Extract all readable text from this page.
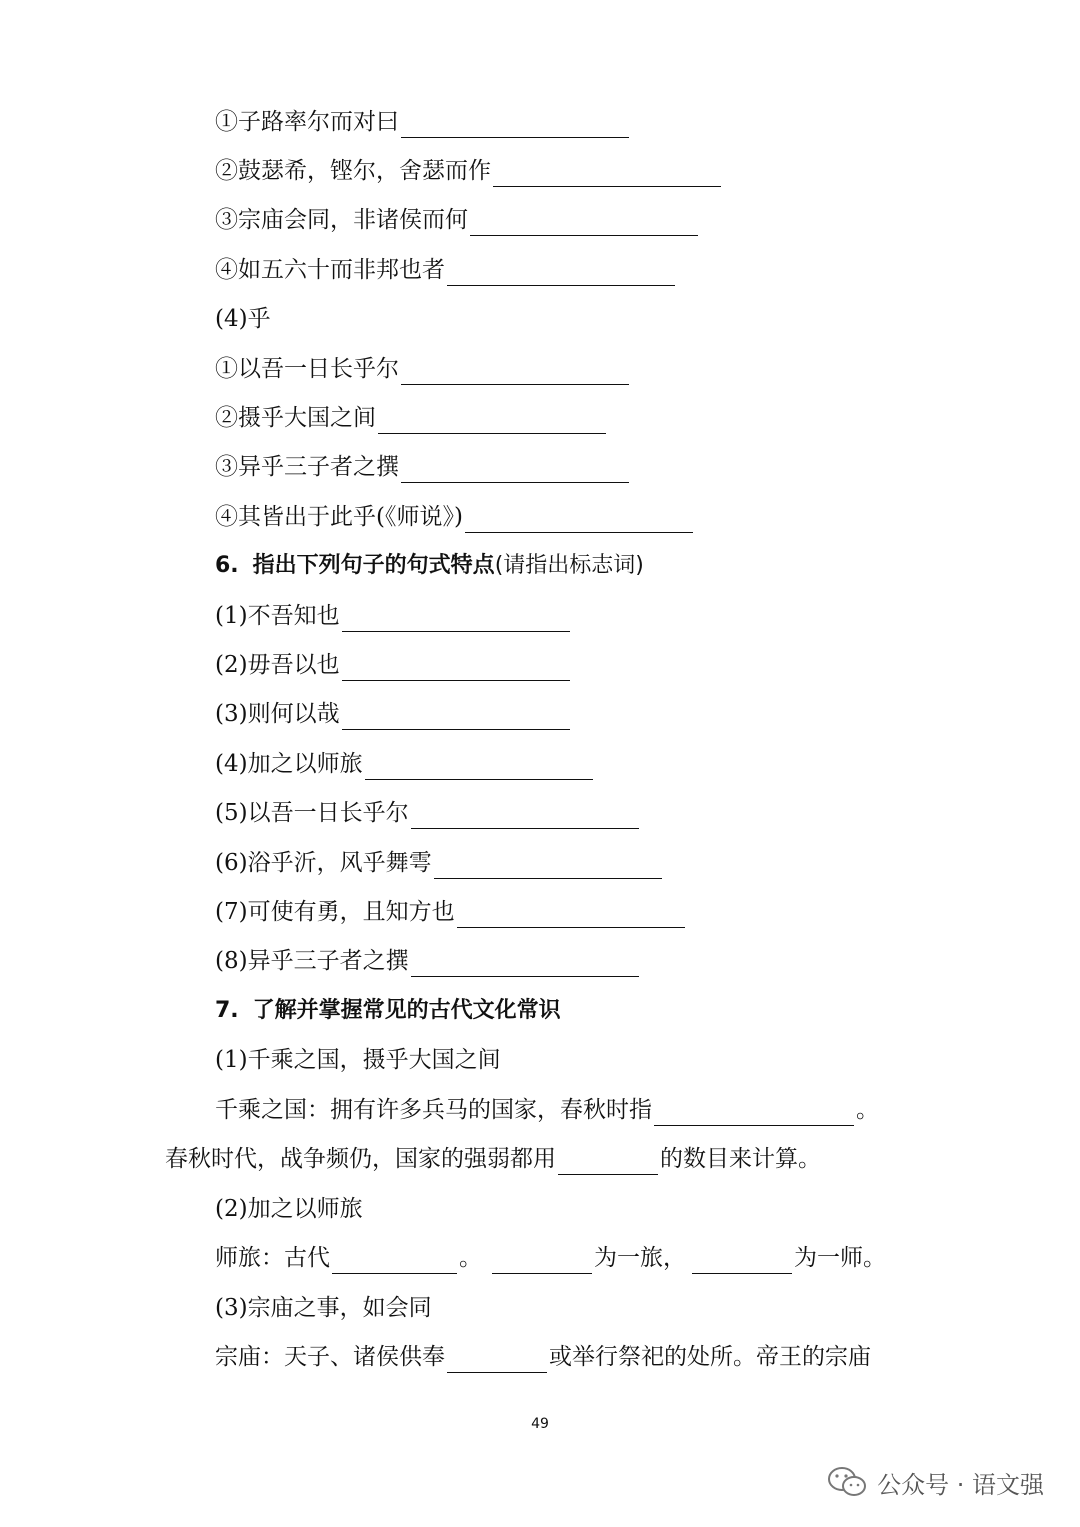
①子路率尔而对曰
②鼓瑟希，铿尔，舍瑟而作
③宗庙会同，非诸侯而何
④如五六十而非邦也者
(4)乎
①以吾一日长乎尔
②摄乎大国之间
③异乎三子者之撰
④其皆出于此乎(《师说》)
6. 指出下列句子的句式特点 (请指出标志词)
(1)不吾知也
(2)毋吾以也
(3)则何以哉
(4)加之以师旅
(5)以吾一日长乎尔
(6)浴乎沂，风乎舞雩
(7)可使有勇，且知方也
(8)异乎三子者之撰
7. 了解并掌握常见的古代文化常识
(1)千乘之国，摄乎大国之间
千乘之国：拥有许多兵马的国家，春秋时指	。
春秋时代，战争频仍，国家的强弱都用	的数目来计算。
(2)加之以师旅
师旅：古代	。	为一旅，	为一师。
(3)宗庙之事，如会同
宗庙：天子、诸侯供奉	或举行祭祀的处所。帝王的宗庙
49
公众号 · 语文强
